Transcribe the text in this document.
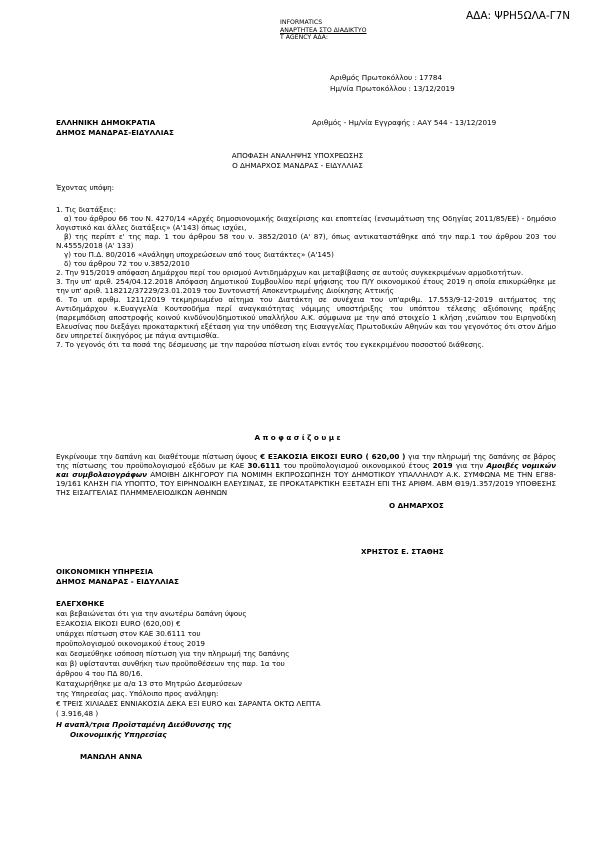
ΑΔΑ: ΨΡΗ5ΩΛΑ-Γ7Ν
INFORMATICS
ΑΝΑΡΤΗΤΕΑ ΣΤΟ ΔΙΑΔΙΚΤΥΟ
T AGENCY ΑΔΑ:
Αριθμός Πρωτοκόλλου : 17784
Ημ/νία Πρωτοκόλλου : 13/12/2019
ΕΛΛΗΝΙΚΗ ΔΗΜΟΚΡΑΤΙΑ
ΔΗΜΟΣ ΜΑΝΔΡΑΣ-ΕΙΔΥΛΛΙΑΣ
Αριθμός - Ημ/νία Εγγραφής : ΑΑΥ 544 - 13/12/2019
ΑΠΟΦΑΣΗ ΑΝΑΛΗΨΗΣ ΥΠΟΧΡΕΩΣΗΣ
Ο ΔΗΜΑΡΧΟΣ ΜΑΝΔΡΑΣ - ΕΙΔΥΛΛΙΑΣ
Έχοντας υπόψη:

1. Τις διατάξεις:

α) του άρθρου 66 του Ν. 4270/14 «Αρχές δημοσιονομικής διαχείρισης και εποπτείας (ενσωμάτωση της Οδηγίας 2011/85/ΕΕ) - δημόσιο λογιστικό και άλλες διατάξεις» (Α'143) όπως ισχύει,

β) της περίπτ ε' της παρ. 1 του άρθρου 58 του ν. 3852/2010 (Α' 87), όπως αντικαταστάθηκε από την παρ.1 του άρθρου 203 του Ν.4555/2018 (Α' 133)

γ) του Π.Δ. 80/2016 «Ανάληψη υποχρεώσεων από τους διατάκτες» (Α'145)

δ) του άρθρου 72 του ν.3852/2010

2. Την 915/2019 απόφαση Δημάρχου περί του ορισμού Αντιδημάρχων και μεταβίβασης σε αυτούς συγκεκριμένων αρμοδιοτήτων.

3. Την υπ' αριθ. 254/04.12.2018 Απόφαση Δημοτικού Συμβουλίου περί ψήφισης του Π/Υ οικονομικού έτους 2019 η οποία επικυρώθηκε με την υπ' αριθ. 118212/37229/23.01.2019 του Συντονιστή Αποκεντρωμένης Διοίκησης Αττικής

6. Το υπ αριθμ. 1211/2019 τεκμηριωμένο αίτημα του Διατάκτη σε συνέχεια του υπ'αριθμ. 17.553/9-12-2019 αιτήματος της Αντιδημάρχου κ.Ευαγγελία Κουτσοδήμα περί αναγκαιότητας νόμιμης υποστήριξης του υπόπτου τέλεσης αξιόποινης πράξης (παρεμπόδιση αποστροφής κοινού κινδύνου)δημοτικού υπαλλήλου Α.Κ. σύμφωνα με την από στοιχείο 1 κλήση ,ενώπιον του Ειρηνοδίκη Ελευσίνας που διεξάγει προκαταρκτική εξέταση για την υπόθεση της Εισαγγελίας Πρωτοδικών Αθηνών και του γεγονότος ότι στον Δήμο δεν υπηρετεί δικηγόρος με πάγια αντιμισθία.

7. Το γεγονός ότι τα ποσά της δέσμευσης με την παρούσα πίστωση είναι εντός του εγκεκριμένου ποσοστού διάθεσης.

Α π ο φ α σ ί ζ ο υ μ ε

Εγκρίνουμε την δαπάνη και διαθέτουμε πίστωση ύψους € ΕΞΑΚΟΣΙΑ ΕΙΚΟΣΙ EURO ( 620,00 ) για την πληρωμή της δαπάνης σε βάρος της πίστωσης του προϋπολογισμού εξόδων με ΚΑΕ 30.6111 του προϋπολογισμού οικονομικού έτους 2019 για την Αμοιβές νομικών και συμβολαιογράφων ΑΜΟΙΒΗ ΔΙΚΗΓΟΡΟΥ ΓΙΑ ΝΟΜΙΜΗ ΕΚΠΡΟΣΩΠΗΣΗ ΤΟΥ ΔΗΜΟΤΙΚΟΥ ΥΠΑΛΛΗΛΟΥ Α.Κ. ΣΥΜΦΩΝΑ ΜΕ ΤΗΝ ΕΓ88-19/161 ΚΛΗΣΗ ΓΙΑ ΥΠΟΠΤΟ, ΤΟΥ ΕΙΡΗΝΟΔΙΚΗ ΕΛΕΥΣΙΝΑΣ, ΣΕ ΠΡΟΚΑΤΑΡΚΤΙΚΗ ΕΞΕΤΑΣΗ ΕΠΙ ΤΗΣ ΑΡΙΘΜ. ΑΒΜ Θ19/1.357/2019 ΥΠΟΘΕΣΗΣ ΤΗΣ ΕΙΣΑΓΓΕΛΙΑΣ ΠΛΗΜΜΕΛΕΙΟΔΙΚΩΝ ΑΘΗΝΩΝ

Ο ΔΗΜΑΡΧΟΣ
ΧΡΗΣΤΟΣ Ε. ΣΤΑΘΗΣ
ΟΙΚΟΝΟΜΙΚΗ ΥΠΗΡΕΣΙΑ
ΔΗΜΟΣ ΜΑΝΔΡΑΣ - ΕΙΔΥΛΛΙΑΣ
ΕΛΕΓΧΘΗΚΕ
και βεβαιώνεται ότι για την ανωτέρω δαπάνη ύψους
ΕΞΑΚΟΣΙΑ ΕΙΚΟΣΙ EURO (620,00) €
υπάρχει πίστωση στον ΚΑΕ 30.6111 του
προϋπολογισμού οικονομικού έτους 2019
και δεσμεύθηκε ισόποση πίστωση για την πληρωμή της δαπάνης
και β) υφίστανται συνθήκη των προϋποθέσεων της παρ. 1α του
άρθρου 4 του ΠΔ 80/16.
Καταχωρήθηκε με α/α 13 στο Μητρώο Δεσμεύσεων
της Υπηρεσίας μας. Υπόλοιπο προς ανάληψη:
€ ΤΡΕΙΣ ΧΙΛΙΑΔΕΣ ΕΝΝΙΑΚΟΣΙΑ ΔΕΚΑ ΕΞΙ EURO και ΣΑΡΑΝΤΑ ΟΚΤΩ ΛΕΠΤΑ
( 3.916,48 )
Η αναπλ/τρια Προϊσταμένη Διεύθυνσης της
Οικονομικής Υπηρεσίας
ΜΑΝΩΛΗ ΑΝΝΑ
